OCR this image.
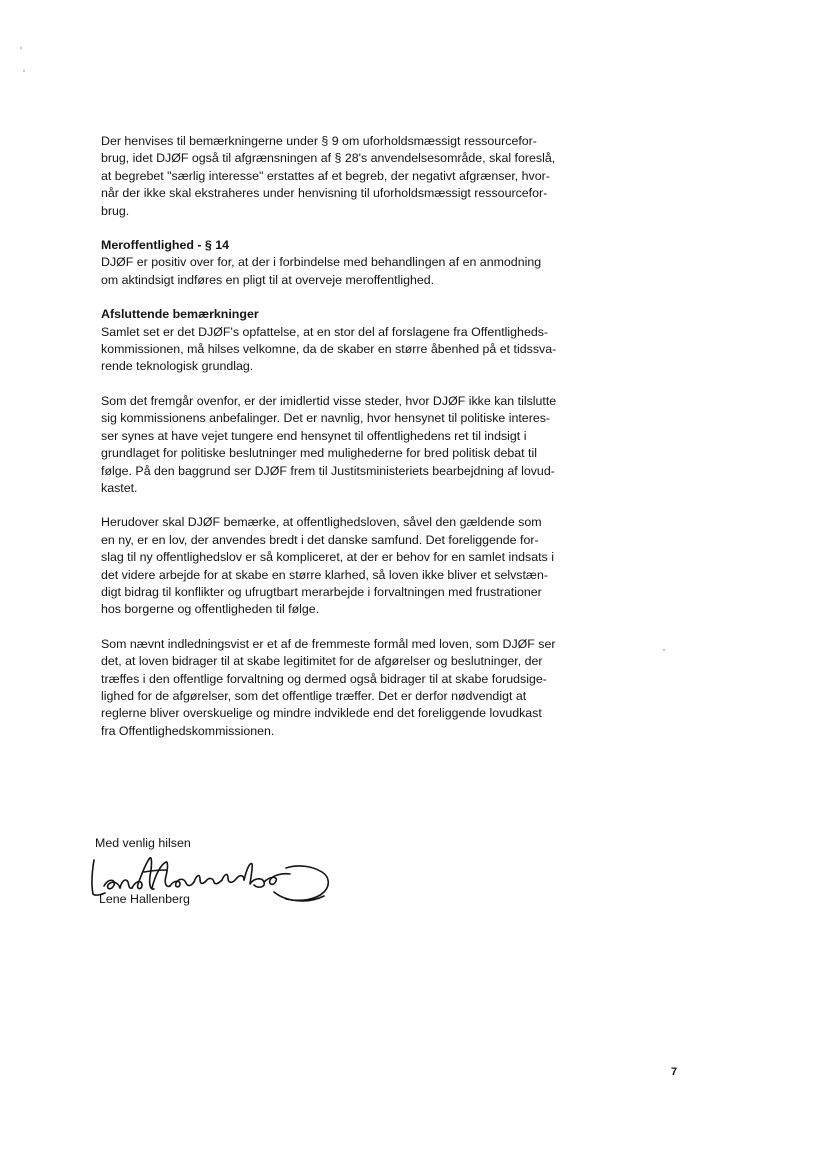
Der henvises til bemærkningerne under § 9 om uforholdsmæssigt ressourcefor-
brug, idet DJØF også til afgrænsningen af § 28's anvendelsesområde, skal foreslå,
at begrebet "særlig interesse" erstattes af et begreb, der negativt afgrænser, hvor-
når der ikke skal ekstraheres under henvisning til uforholdsmæssigt ressourcefor-
brug.

Meroffentlighed - § 14
DJØF er positiv over for, at der i forbindelse med behandlingen af en anmodning
om aktindsigt indføres en pligt til at overveje meroffentlighed.

Afsluttende bemærkninger
Samlet set er det DJØF's opfattelse, at en stor del af forslagene fra Offentligheds-
kommissionen, må hilses velkomne, da de skaber en større åbenhed på et tidssva-
rende teknologisk grundlag.

Som det fremgår ovenfor, er der imidlertid visse steder, hvor DJØF ikke kan tilslutte
sig kommissionens anbefalinger. Det er navnlig, hvor hensynet til politiske interes-
ser synes at have vejet tungere end hensynet til offentlighedens ret til indsigt i
grundlaget for politiske beslutninger med mulighederne for bred politisk debat til
følge. På den baggrund ser DJØF frem til Justitsministeriets bearbejdning af lovud-
kastet.

Herudover skal DJØF bemærke, at offentlighedsloven, såvel den gældende som
en ny, er en lov, der anvendes bredt i det danske samfund. Det foreliggende for-
slag til ny offentlighedslov er så kompliceret, at der er behov for en samlet indsats i
det videre arbejde for at skabe en større klarhed, så loven ikke bliver et selvstæn-
digt bidrag til konflikter og ufrugtbart merarbejde i forvaltningen med frustrationer
hos borgerne og offentligheden til følge.

Som nævnt indledningsvist er et af de fremmeste formål med loven, som DJØF ser
det, at loven bidrager til at skabe legitimitet for de afgørelser og beslutninger, der
træffes i den offentlige forvaltning og dermed også bidrager til at skabe forudsige-
lighed for de afgørelser, som det offentlige træffer. Det er derfor nødvendigt at
reglerne bliver overskuelige og mindre indviklede end det foreliggende lovudkast
fra Offentlighedskommissionen.

Med venlig hilsen
Lene Hallenberg
7
